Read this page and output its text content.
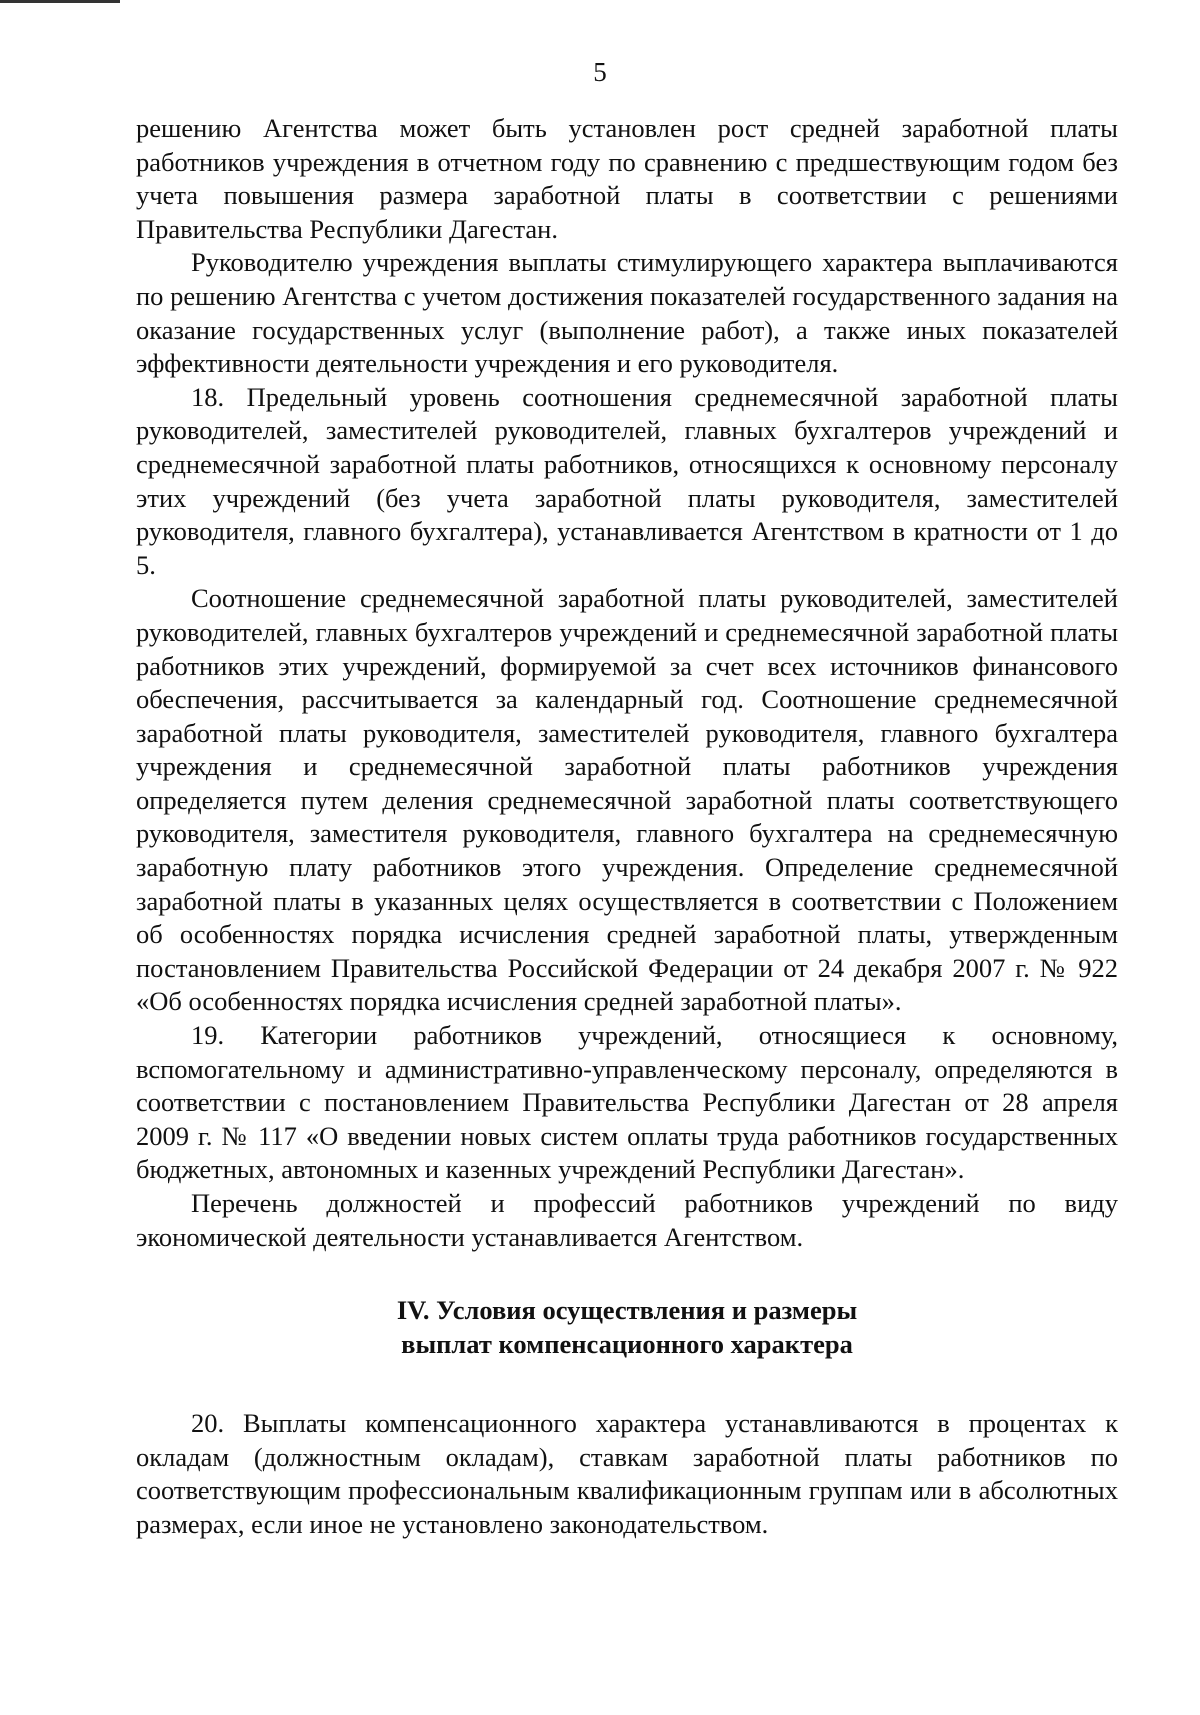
5

решению Агентства может быть установлен рост средней заработной платы работников учреждения в отчетном году по сравнению с предшествующим годом без учета повышения размера заработной платы в соответствии с решениями Правительства Республики Дагестан.

Руководителю учреждения выплаты стимулирующего характера выплачиваются по решению Агентства с учетом достижения показателей государственного задания на оказание государственных услуг (выполнение работ), а также иных показателей эффективности деятельности учреждения и его руководителя.

18. Предельный уровень соотношения среднемесячной заработной платы руководителей, заместителей руководителей, главных бухгалтеров учреждений и среднемесячной заработной платы работников, относящихся к основному персоналу этих учреждений (без учета заработной платы руководителя, заместителей руководителя, главного бухгалтера), устанавливается Агентством в кратности от 1 до 5.

Соотношение среднемесячной заработной платы руководителей, заместителей руководителей, главных бухгалтеров учреждений и среднемесячной заработной платы работников этих учреждений, формируемой за счет всех источников финансового обеспечения, рассчитывается за календарный год. Соотношение среднемесячной заработной платы руководителя, заместителей руководителя, главного бухгалтера учреждения и среднемесячной заработной платы работников учреждения определяется путем деления среднемесячной заработной платы соответствующего руководителя, заместителя руководителя, главного бухгалтера на среднемесячную заработную плату работников этого учреждения. Определение среднемесячной заработной платы в указанных целях осуществляется в соответствии с Положением об особенностях порядка исчисления средней заработной платы, утвержденным постановлением Правительства Российской Федерации от 24 декабря 2007 г. № 922 «Об особенностях порядка исчисления средней заработной платы».

19. Категории работников учреждений, относящиеся к основному, вспомогательному и административно-управленческому персоналу, определяются в соответствии с постановлением Правительства Республики Дагестан от 28 апреля 2009 г. № 117 «О введении новых систем оплаты труда работников государственных бюджетных, автономных и казенных учреждений Республики Дагестан».

Перечень должностей и профессий работников учреждений по виду экономической деятельности устанавливается Агентством.

IV. Условия осуществления и размеры
выплат компенсационного характера

20. Выплаты компенсационного характера устанавливаются в процентах к окладам (должностным окладам), ставкам заработной платы работников по соответствующим профессиональным квалификационным группам или в абсолютных размерах, если иное не установлено законодательством.
